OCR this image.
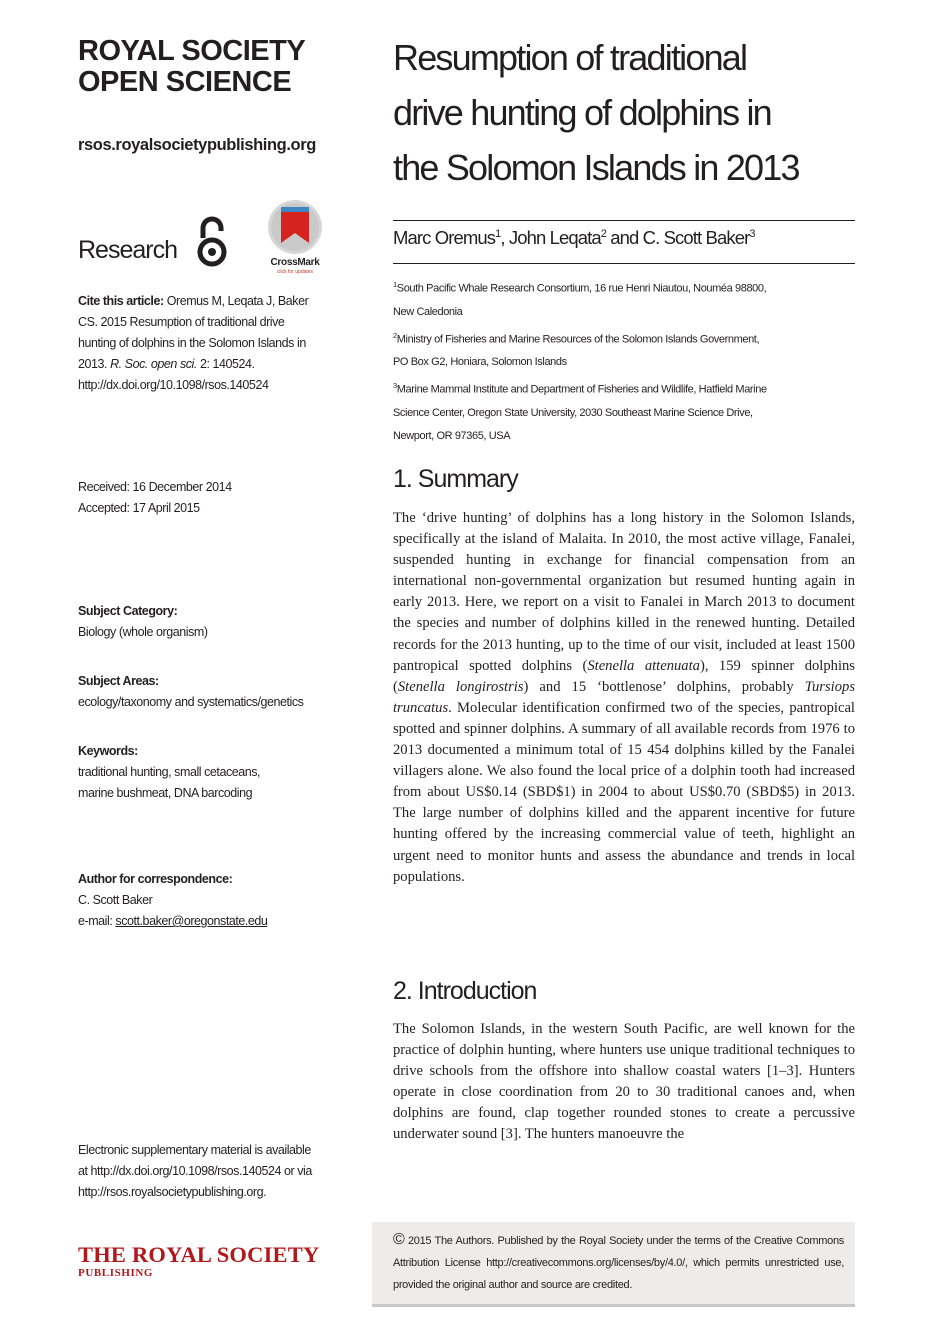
ROYAL SOCIETY
OPEN SCIENCE
rsos.royalsocietypublishing.org
Research	CrossMark
click for updates
Cite this article: Oremus M, Leqata J, Baker
CS. 2015 Resumption of traditional drive
hunting of dolphins in the Solomon Islands in
2013. R. Soc. open sci. 2: 140524.
http://dx.doi.org/10.1098/rsos.140524
Received: 16 December 2014
Accepted: 17 April 2015
Subject Category:
Biology (whole organism)
Subject Areas:
ecology/taxonomy and systematics/genetics
Keywords:
traditional hunting, small cetaceans,
marine bushmeat, DNA barcoding
Author for correspondence:
C. Scott Baker
e-mail: scott.baker@oregonstate.edu
Electronic supplementary material is available
at http://dx.doi.org/10.1098/rsos.140524 or via
http://rsos.royalsocietypublishing.org.
THE ROYAL SOCIETY
PUBLISHING
Resumption of traditional
drive hunting of dolphins in
the Solomon Islands in 2013
Marc Oremus$^1$, John Leqata$^2$ and C. Scott Baker$^3$
$^1$South Pacific Whale Research Consortium, 16 rue Henri Niautou, Nouméa 98800,
New Caledonia
$^2$Ministry of Fisheries and Marine Resources of the Solomon Islands Government,
PO Box G2, Honiara, Solomon Islands
$^3$Marine Mammal Institute and Department of Fisheries and Wildlife, Hatfield Marine
Science Center, Oregon State University, 2030 Southeast Marine Science Drive,
Newport, OR 97365, USA
1. Summary
The ‘drive hunting’ of dolphins has a long history in the Solomon Islands, specifically at the island of Malaita. In 2010, the most active village, Fanalei, suspended hunting in exchange for financial compensation from an international non-governmental organization but resumed hunting again in early 2013. Here, we report on a visit to Fanalei in March 2013 to document the species and number of dolphins killed in the renewed hunting. Detailed records for the 2013 hunting, up to the time of our visit, included at least 1500 pantropical spotted dolphins (Stenella attenuata), 159 spinner dolphins (Stenella longirostris) and 15 ‘bottlenose’ dolphins, probably Tursiops truncatus. Molecular identification confirmed two of the species, pantropical spotted and spinner dolphins. A summary of all available records from 1976 to 2013 documented a minimum total of 15 454 dolphins killed by the Fanalei villagers alone. We also found the local price of a dolphin tooth had increased from about US$0.14 (SBD$1) in 2004 to about US$0.70 (SBD$5) in 2013. The large number of dolphins killed and the apparent incentive for future hunting offered by the increasing commercial value of teeth, highlight an urgent need to monitor hunts and assess the abundance and trends in local populations.
2. Introduction
The Solomon Islands, in the western South Pacific, are well known for the practice of dolphin hunting, where hunters use unique traditional techniques to drive schools from the offshore into shallow coastal waters [1–3]. Hunters operate in close coordination from 20 to 30 traditional canoes and, when dolphins are found, clap together rounded stones to create a percussive underwater sound [3]. The hunters manoeuvre the
© 2015 The Authors. Published by the Royal Society under the terms of the Creative Commons Attribution License http://creativecommons.org/licenses/by/4.0/, which permits unrestricted use, provided the original author and source are credited.
